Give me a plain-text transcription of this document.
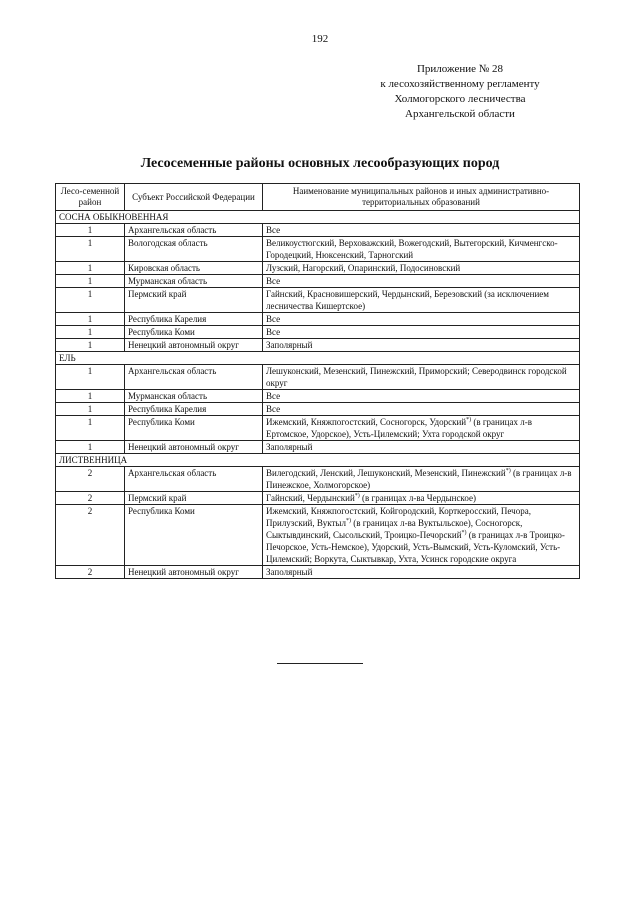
192
Приложение № 28
к лесохозяйственному регламенту
Холмогорского лесничества
Архангельской области
Лесосеменные районы основных лесообразующих пород
Лесо-семенной район	Субъект Российской Федерации	Наименование муниципальных районов и иных административно-территориальных образований
СОСНА ОБЫКНОВЕННАЯ		
1	Архангельская область	Все
1	Вологодская область	Великоустюгский, Верховажский, Вожегодский, Вытегорский, Кичменгско-Городецкий, Нюксенский, Тарногский
1	Кировская область	Лузский, Нагорский, Опаринский, Подосиновский
1	Мурманская область	Все
1	Пермский край	Гайнский, Красновишерский, Чердынский, Березовский (за исключением лесничества Кишертское)
1	Республика Карелия	Все
1	Республика Коми	Все
1	Ненецкий автономный округ	Заполярный
ЕЛЬ		
1	Архангельская область	Лешуконский, Мезенский, Пинежский, Приморский; Северодвинск городской округ
1	Мурманская область	Все
1	Республика Карелия	Все
1	Республика Коми	Ижемский, Княжпогостский, Сосногорск, Удорский*) (в границах л-в Ертомское, Удорское), Усть-Цилемский; Ухта городской округ
1	Ненецкий автономный округ	Заполярный
ЛИСТВЕННИЦА		
2	Архангельская область	Вилегодский, Ленский, Лешуконский, Мезенский, Пинежский*) (в границах л-в Пинежское, Холмогорское)
2	Пермский край	Гайнский, Чердынский*) (в границах л-ва Чердынское)
2	Республика Коми	Ижемский, Княжпогостский, Койгородский, Корткеросский, Печора, Прилузский, Вуктыл*) (в границах л-ва Вуктыльское), Сосногорск, Сыктывдинский, Сысольский, Троицко-Печорский*) (в границах л-в Троицко-Печорское, Усть-Немское), Удорский, Усть-Вымский, Усть-Куломский, Усть-Цилемский; Воркута, Сыктывкар, Ухта, Усинск городские округа
2	Ненецкий автономный округ	Заполярный
